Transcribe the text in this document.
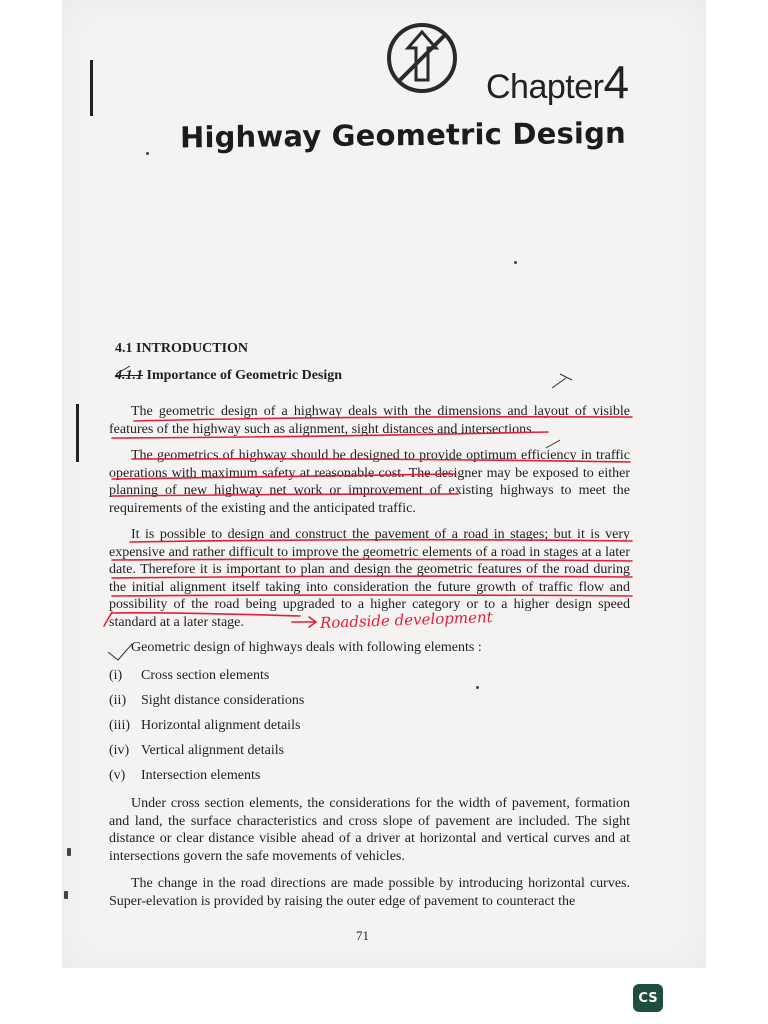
Chapter4
Highway Geometric Design
4.1 INTRODUCTION
4.1.1 Importance of Geometric Design

The geometric design of a highway deals with the dimensions and layout of visible features of the highway such as alignment, sight distances and intersections.

The geometrics of highway should be designed to provide optimum efficiency in traffic operations with maximum safety at reasonable cost. The designer may be exposed to either planning of new highway net work or improvement of existing highways to meet the requirements of the existing and the anticipated traffic.

It is possible to design and construct the pavement of a road in stages; but it is very expensive and rather difficult to improve the geometric elements of a road in stages at a later date. Therefore it is important to plan and design the geometric features of the road during the initial alignment itself taking into consideration the future growth of traffic flow and possibility of the road being upgraded to a higher category or to a higher design speed standard at a later stage.

Geometric design of highways deals with following elements :

(i)	Cross section elements
(ii)	Sight distance considerations
(iii) Horizontal alignment details
(iv) Vertical alignment details
(v)	Intersection elements

Under cross section elements, the considerations for the width of pavement, formation and land, the surface characteristics and cross slope of pavement are included. The sight distance or clear distance visible ahead of a driver at horizontal and vertical curves and at intersections govern the safe movements of vehicles.

The change in the road directions are made possible by introducing horizontal curves. Super-elevation is provided by raising the outer edge of pavement to counteract the

71
Roadside development
CS
